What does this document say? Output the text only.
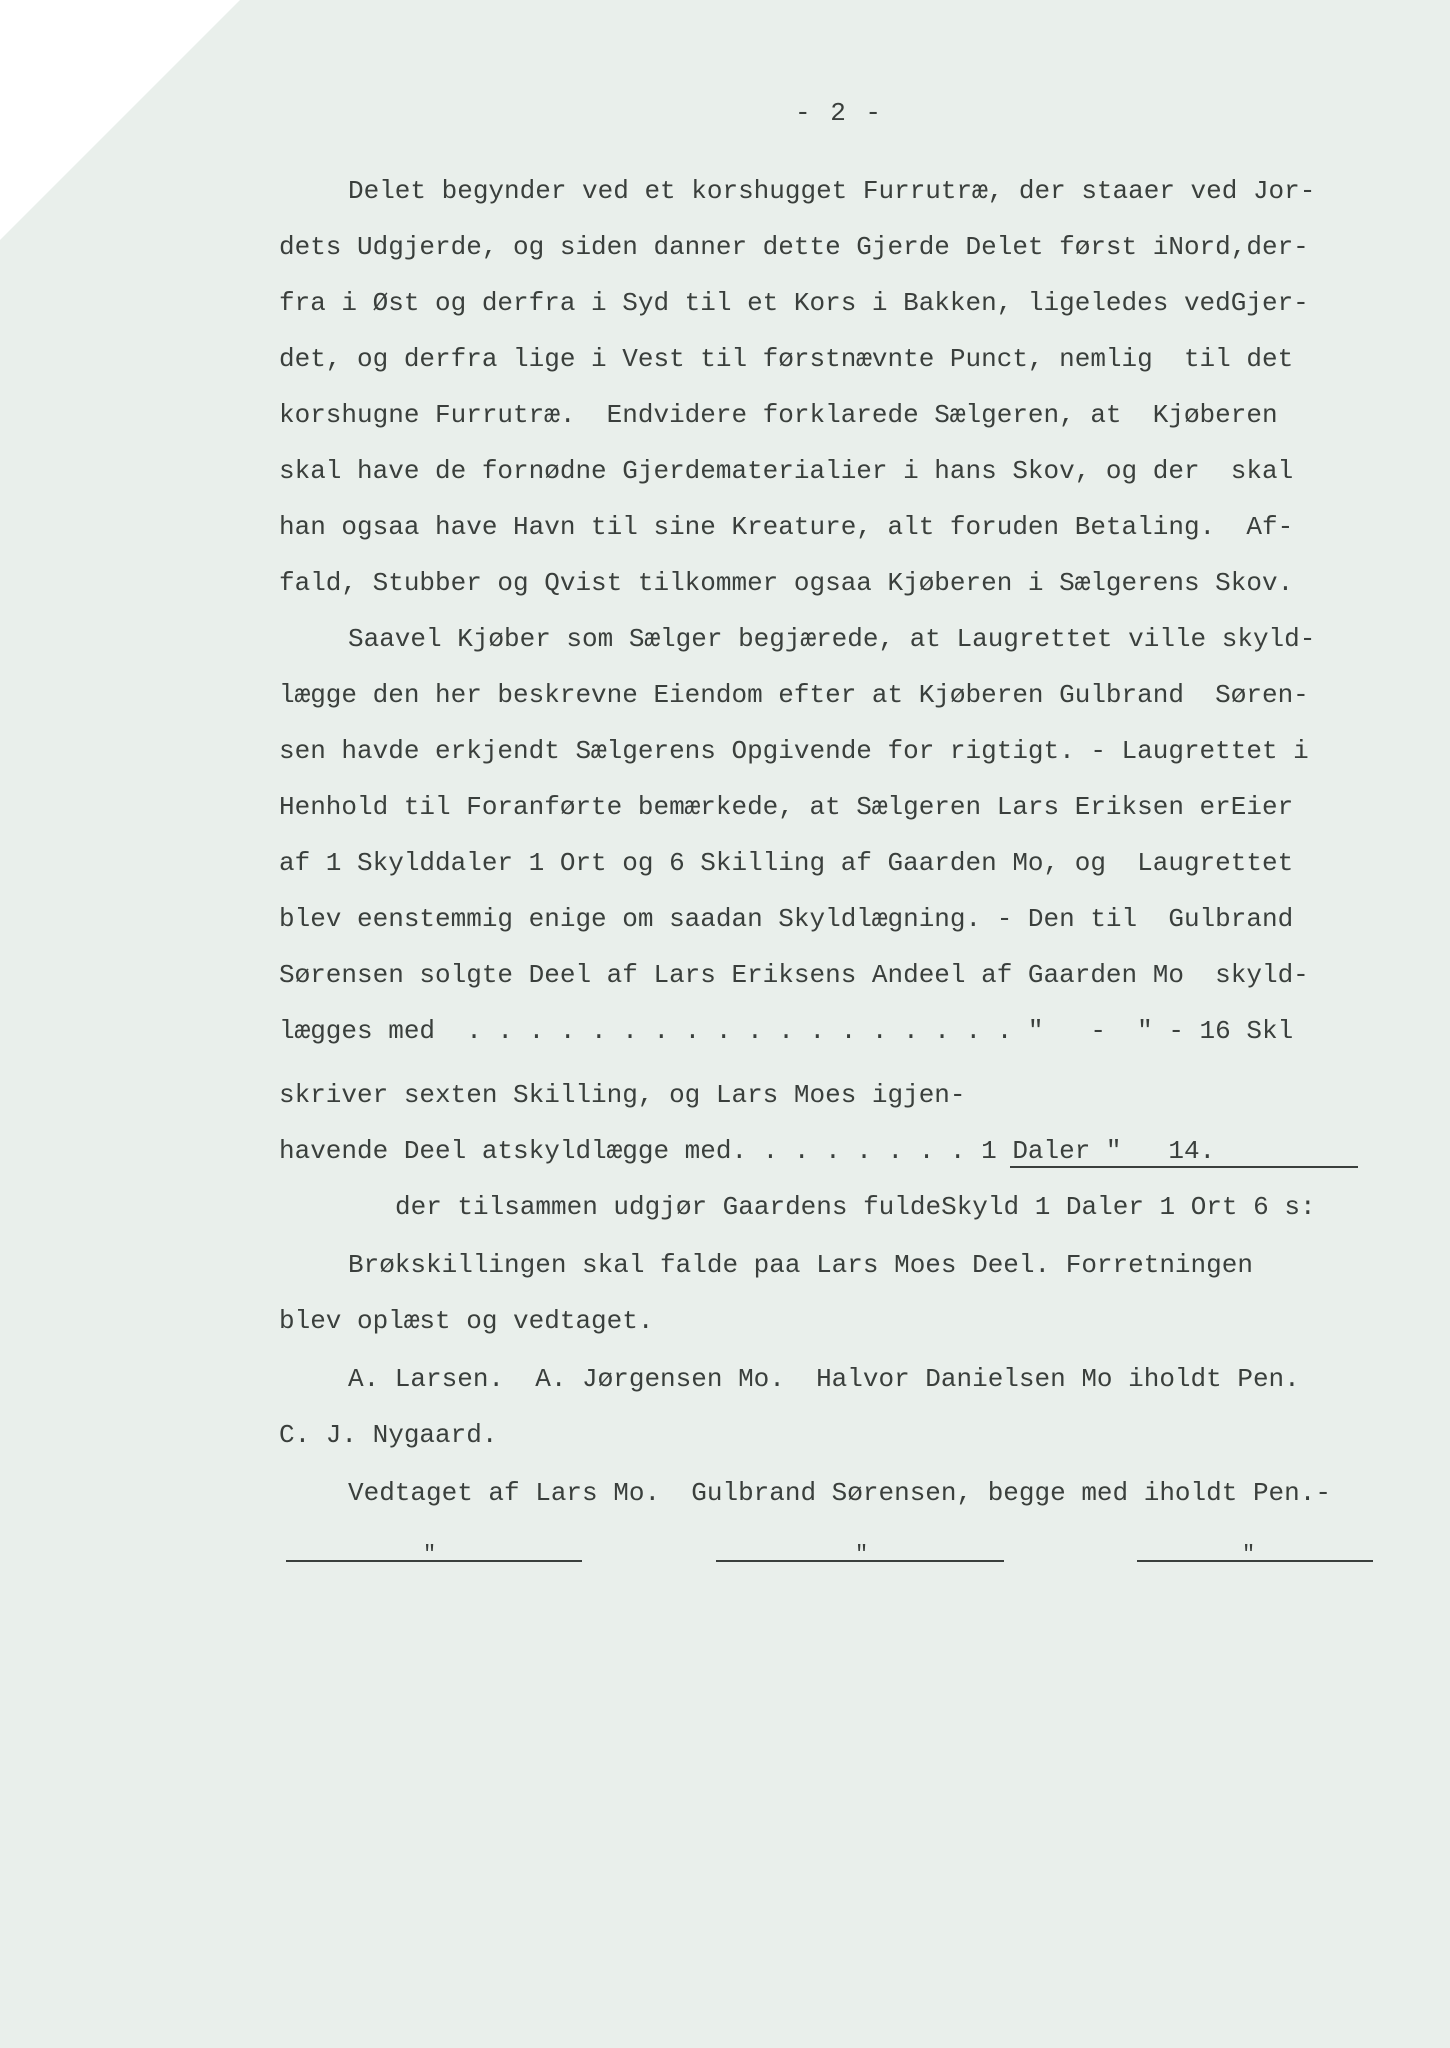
- 2 -
Delet begynder ved et korshugget Furrutræ, der staaer ved Jor-
dets Udgjerde, og siden danner dette Gjerde Delet først iNord,der-
fra i Øst og derfra i Syd til et Kors i Bakken, ligeledes vedGjer-
det, og derfra lige i Vest til førstnævnte Punct, nemlig  til det
korshugne Furrutræ.  Endvidere forklarede Sælgeren, at  Kjøberen
skal have de fornødne Gjerdematerialier i hans Skov, og der  skal
han ogsaa have Havn til sine Kreature, alt foruden Betaling.  Af-
fald, Stubber og Qvist tilkommer ogsaa Kjøberen i Sælgerens Skov.
Saavel Kjøber som Sælger begjærede, at Laugrettet ville skyld-
lægge den her beskrevne Eiendom efter at Kjøberen Gulbrand  Søren-
sen havde erkjendt Sælgerens Opgivende for rigtigt. - Laugrettet i
Henhold til Foranførte bemærkede, at Sælgeren Lars Eriksen erEier
af 1 Skylddaler 1 Ort og 6 Skilling af Gaarden Mo, og  Laugrettet
blev eenstemmig enige om saadan Skyldlægning. - Den til  Gulbrand
Sørensen solgte Deel af Lars Eriksens Andeel af Gaarden Mo  skyld-
lægges med  . . . . . . . . . . . . . . . . . . "   -  " - 16 Skl
skriver sexten Skilling, og Lars Moes igjen-
havende Deel atskyldlægge med. . . . . . . . 1 Daler "   14.
der tilsammen udgjør Gaardens fuldeSkyld 1 Daler 1 Ort 6 s:
Brøkskillingen skal falde paa Lars Moes Deel. Forretningen
blev oplæst og vedtaget.
A. Larsen.  A. Jørgensen Mo.  Halvor Danielsen Mo iholdt Pen.
C. J. Nygaard.
Vedtaget af Lars Mo.  Gulbrand Sørensen, begge med iholdt Pen.-
"	"	"
